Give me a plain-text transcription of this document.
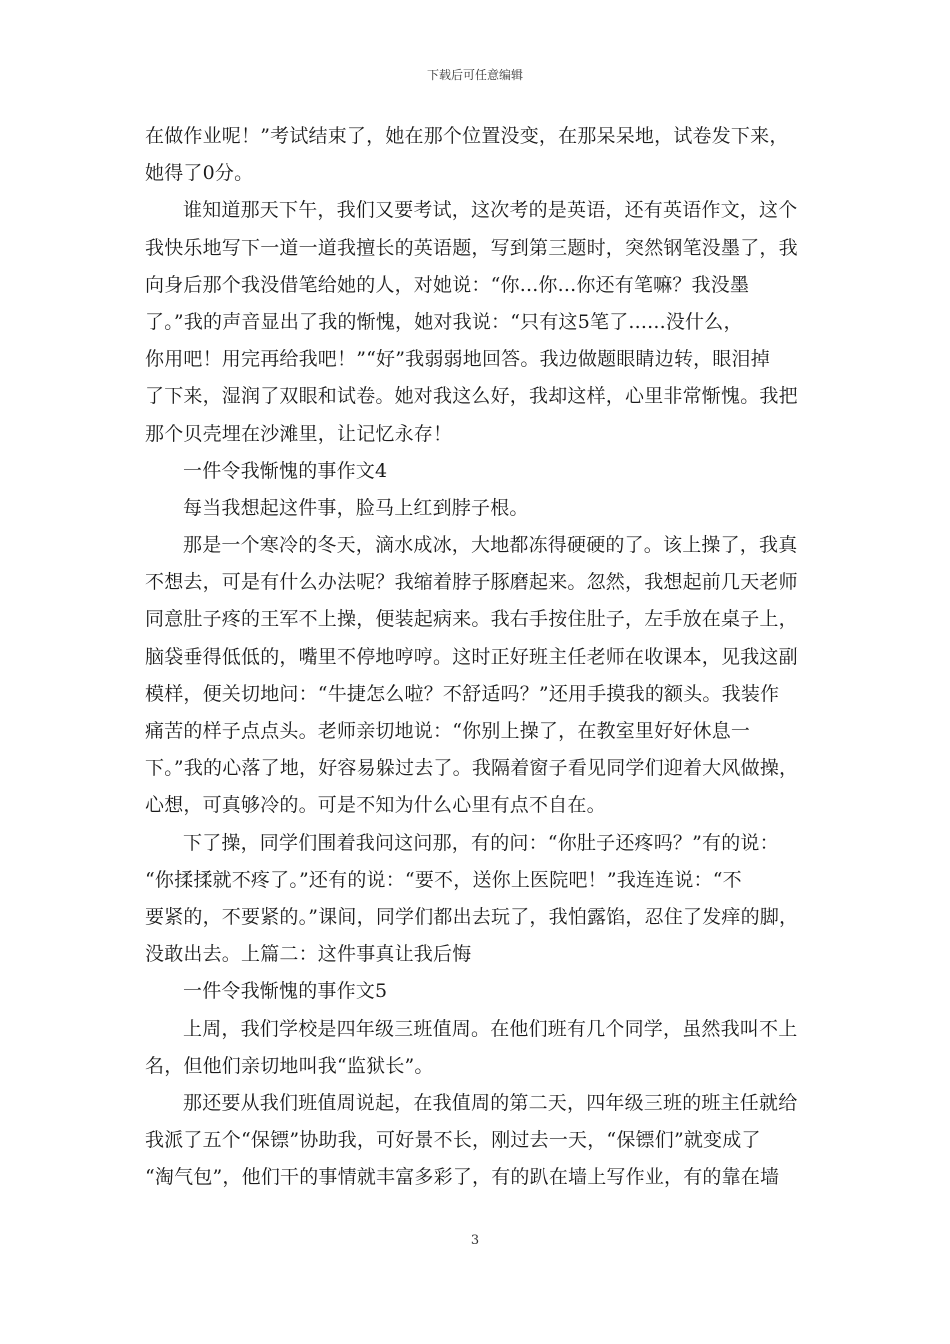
下载后可任意编辑
在做作业呢！”考试结束了，她在那个位置没变，在那呆呆地，试卷发下来，
她得了0分。
谁知道那天下午，我们又要考试，这次考的是英语，还有英语作文，这个
我快乐地写下一道一道我擅长的英语题，写到第三题时，突然钢笔没墨了，我
向身后那个我没借笔给她的人，对她说：“你...你...你还有笔嘛？我没墨
了。”我的声音显出了我的惭愧，她对我说：“只有这5笔了......没什么，
你用吧！用完再给我吧！”“好”我弱弱地回答。我边做题眼睛边转，眼泪掉
了下来，湿润了双眼和试卷。她对我这么好，我却这样，心里非常惭愧。我把
那个贝壳埋在沙滩里，让记忆永存！
一件令我惭愧的事作文4
每当我想起这件事，脸马上红到脖子根。
那是一个寒冷的冬天，滴水成冰，大地都冻得硬硬的了。该上操了，我真
不想去，可是有什么办法呢？我缩着脖子豚磨起来。忽然，我想起前几天老师
同意肚子疼的王军不上操，便装起病来。我右手按住肚子，左手放在桌子上，
脑袋垂得低低的，嘴里不停地哼哼。这时正好班主任老师在收课本，见我这副
模样，便关切地问：“牛捷怎么啦？不舒适吗？”还用手摸我的额头。我装作
痛苦的样子点点头。老师亲切地说：“你别上操了，在教室里好好休息一
下。”我的心落了地，好容易躲过去了。我隔着窗子看见同学们迎着大风做操，
心想，可真够冷的。可是不知为什么心里有点不自在。
下了操，同学们围着我问这问那，有的问：“你肚子还疼吗？”有的说：
“你揉揉就不疼了。”还有的说：“要不，送你上医院吧！”我连连说：“不
要紧的，不要紧的。”课间，同学们都出去玩了，我怕露馅，忍住了发痒的脚，
没敢出去。上篇二：这件事真让我后悔
一件令我惭愧的事作文5
上周，我们学校是四年级三班值周。在他们班有几个同学，虽然我叫不上
名，但他们亲切地叫我“监狱长”。
那还要从我们班值周说起，在我值周的第二天，四年级三班的班主任就给
我派了五个“保镖”协助我，可好景不长，刚过去一天，“保镖们”就变成了
“淘气包”，他们干的事情就丰富多彩了，有的趴在墙上写作业，有的靠在墙
3
